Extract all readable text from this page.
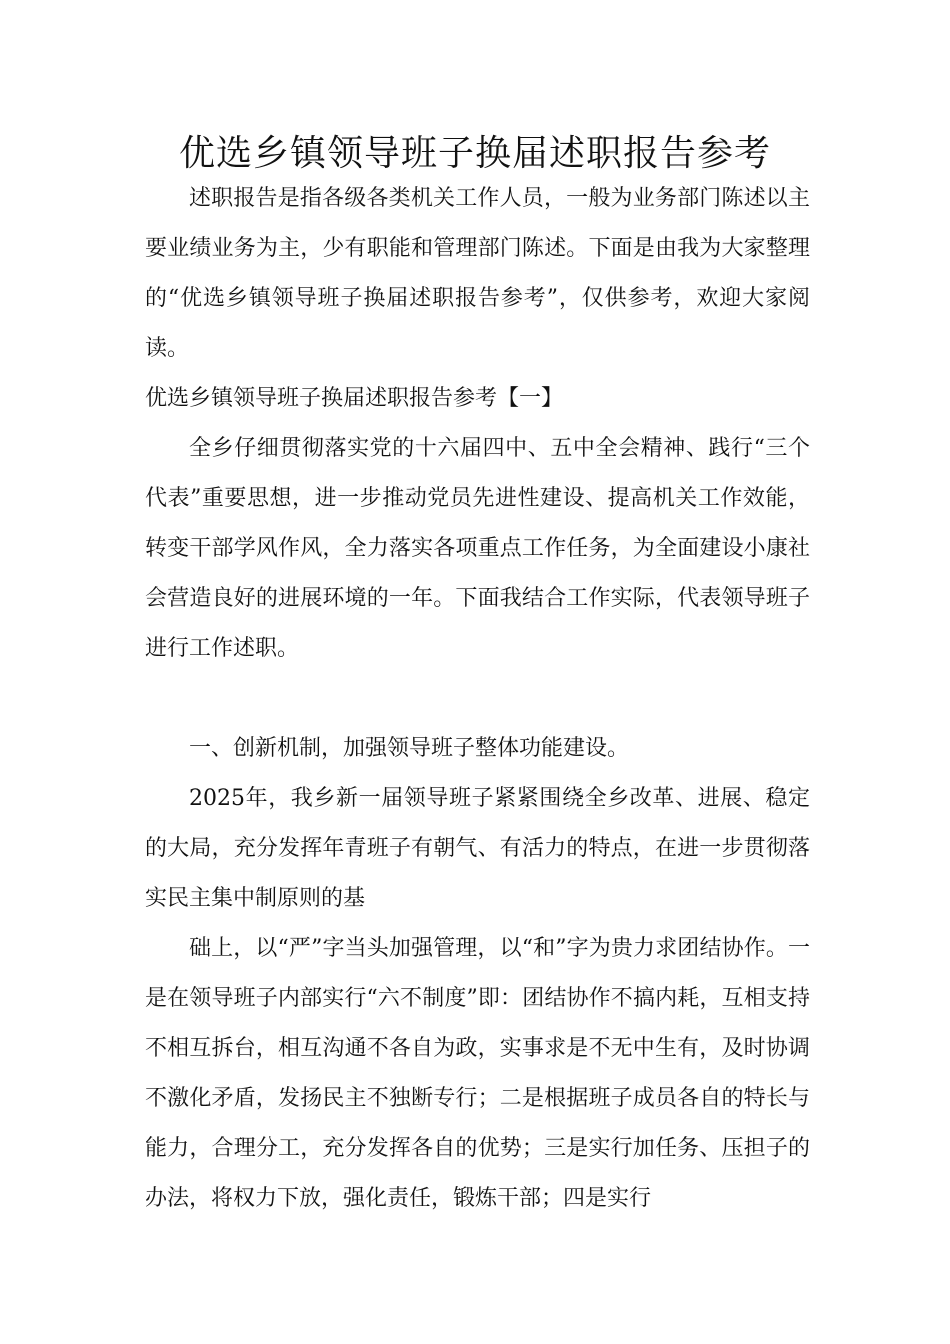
优选乡镇领导班子换届述职报告参考

述职报告是指各级各类机关工作人员，一般为业务部门陈述以主要业绩业务为主，少有职能和管理部门陈述。下面是由我为大家整理的“优选乡镇领导班子换届述职报告参考”，仅供参考，欢迎大家阅读。

优选乡镇领导班子换届述职报告参考【一】

全乡仔细贯彻落实党的十六届四中、五中全会精神、践行“三个代表”重要思想，进一步推动党员先进性建设、提高机关工作效能，转变干部学风作风，全力落实各项重点工作任务，为全面建设小康社会营造良好的进展环境的一年。下面我结合工作实际，代表领导班子进行工作述职。

一、创新机制，加强领导班子整体功能建设。

2025年，我乡新一届领导班子紧紧围绕全乡改革、进展、稳定的大局，充分发挥年青班子有朝气、有活力的特点，在进一步贯彻落实民主集中制原则的基

础上，以“严”字当头加强管理，以“和”字为贵力求团结协作。一是在领导班子内部实行“六不制度”即：团结协作不搞内耗，互相支持不相互拆台，相互沟通不各自为政，实事求是不无中生有，及时协调不激化矛盾，发扬民主不独断专行；二是根据班子成员各自的特长与能力，合理分工，充分发挥各自的优势；三是实行加任务、压担子的办法，将权力下放，强化责任，锻炼干部；四是实行
